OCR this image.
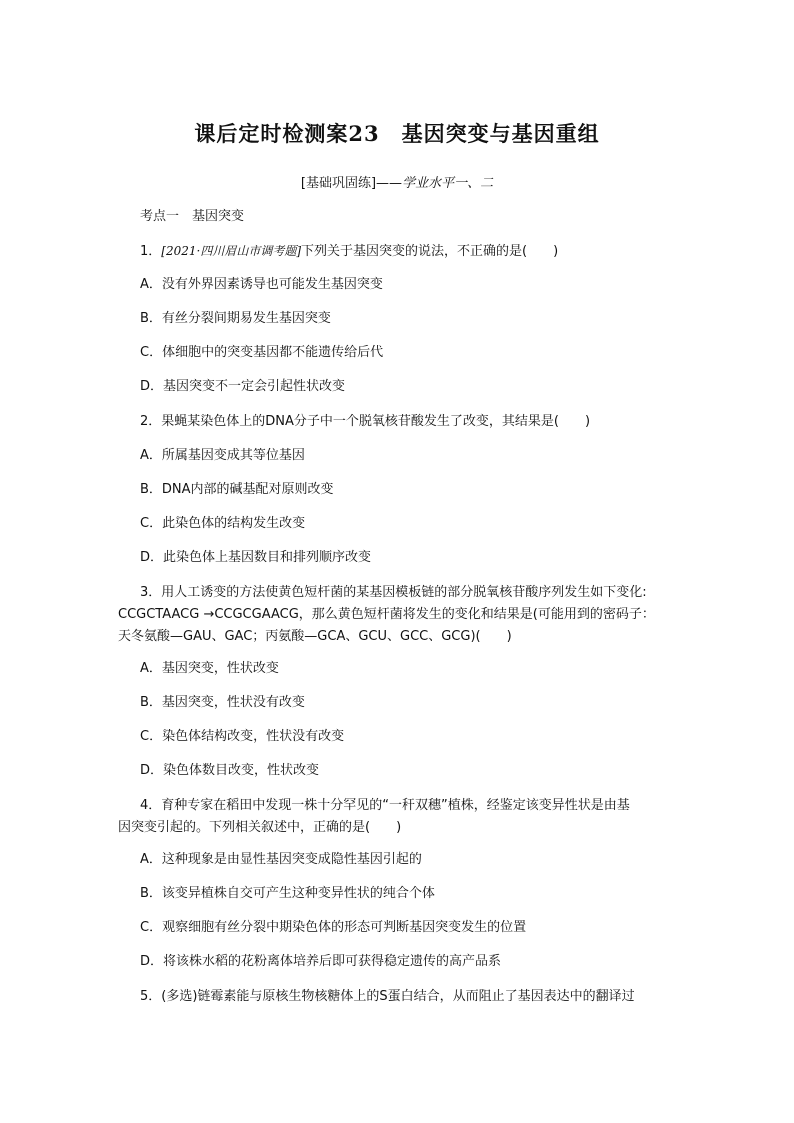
课后定时检测案23　基因突变与基因重组
[基础巩固练]——学业水平一、二
考点一　基因突变
1．[2021·四川眉山市调考题]下列关于基因突变的说法，不正确的是(　　)
A．没有外界因素诱导也可能发生基因突变
B．有丝分裂间期易发生基因突变
C．体细胞中的突变基因都不能遗传给后代
D．基因突变不一定会引起性状改变
2．果蝇某染色体上的DNA分子中一个脱氧核苷酸发生了改变，其结果是(　　)
A．所属基因变成其等位基因
B．DNA内部的碱基配对原则改变
C．此染色体的结构发生改变
D．此染色体上基因数目和排列顺序改变

3．用人工诱变的方法使黄色短杆菌的某基因模板链的部分脱氧核苷酸序列发生如下变化:

CCGCTAACG →CCGCGAACG，那么黄色短杆菌将发生的变化和结果是(可能用到的密码子：

天冬氨酸—GAU、GAC；丙氨酸—GCA、GCU、GCC、GCG)(　　)

A．基因突变，性状改变
B．基因突变，性状没有改变
C．染色体结构改变，性状没有改变
D．染色体数目改变，性状改变

4．育种专家在稻田中发现一株十分罕见的“一秆双穗”植株，经鉴定该变异性状是由基

因突变引起的。下列相关叙述中，正确的是(　　)

A．这种现象是由显性基因突变成隐性基因引起的
B．该变异植株自交可产生这种变异性状的纯合个体
C．观察细胞有丝分裂中期染色体的形态可判断基因突变发生的位置
D．将该株水稻的花粉离体培养后即可获得稳定遗传的高产品系
5．(多选)链霉素能与原核生物核糖体上的S蛋白结合，从而阻止了基因表达中的翻译过
